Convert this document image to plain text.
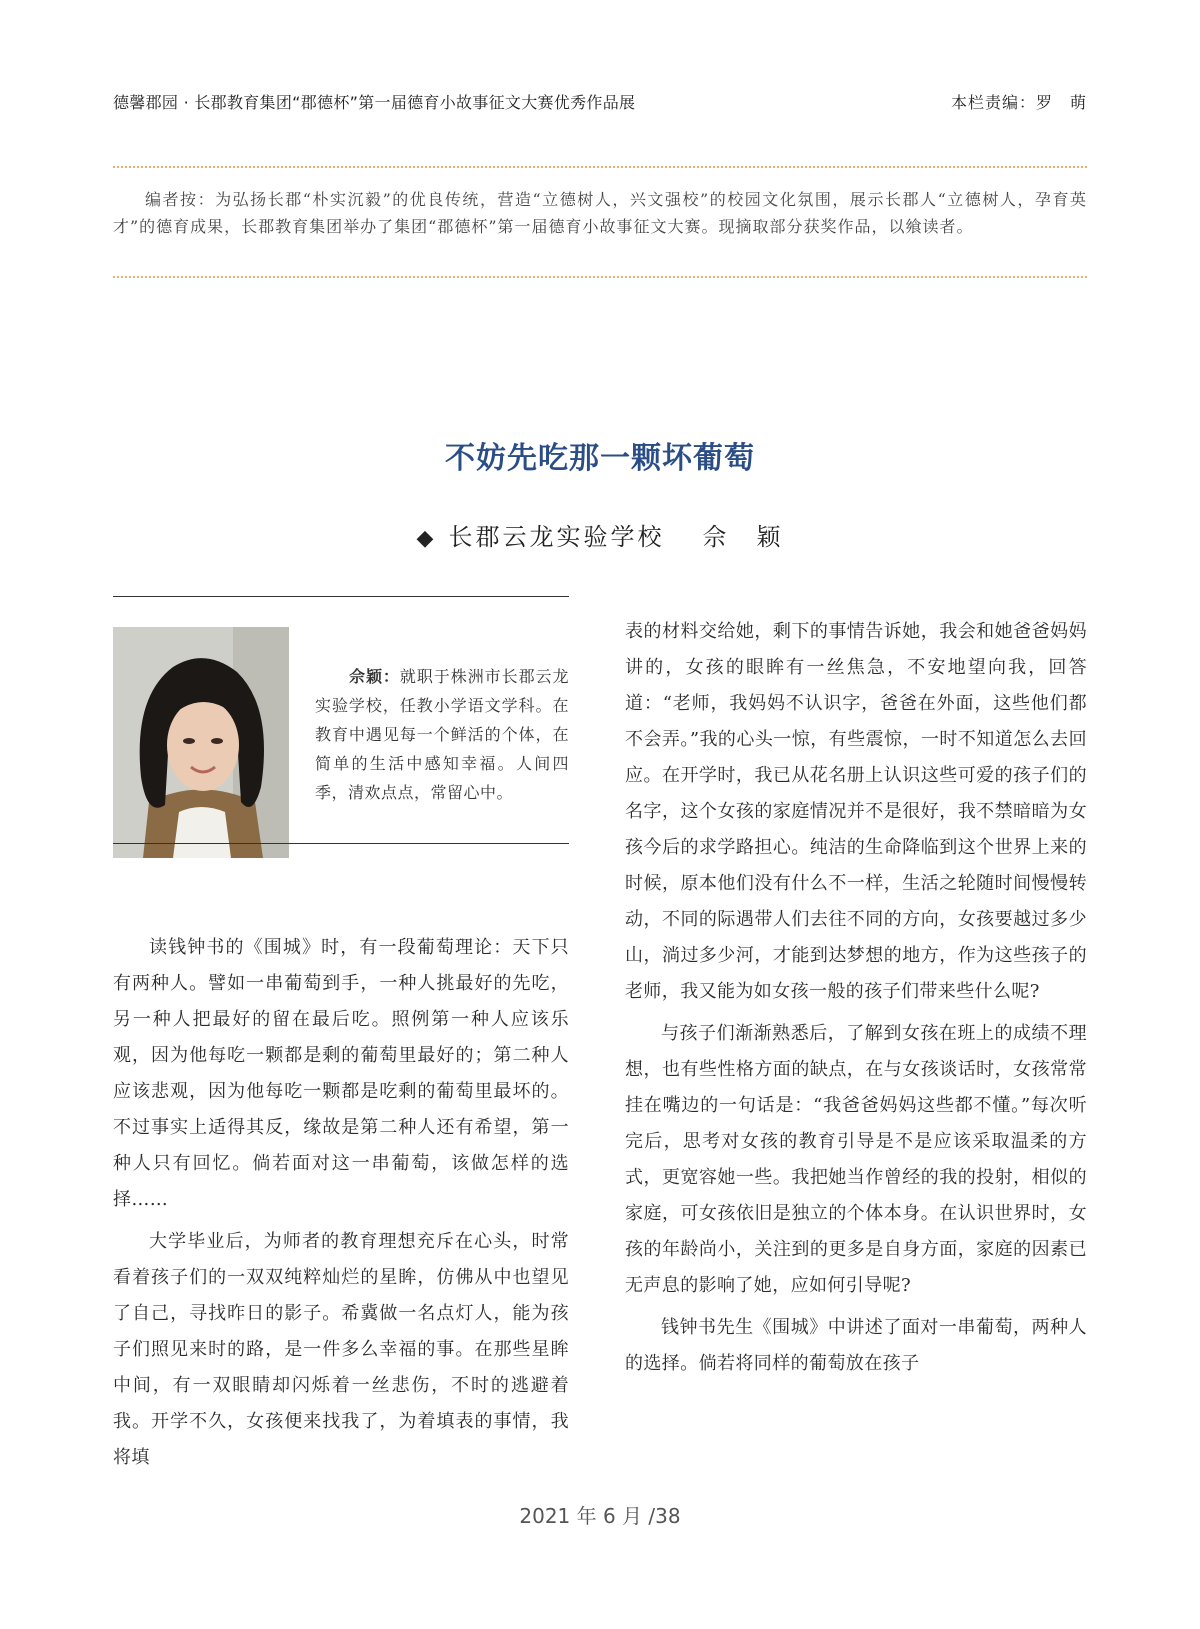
德馨郡园 · 长郡教育集团“郡德杯”第一届德育小故事征文大赛优秀作品展	本栏责编：罗　萌
编者按：为弘扬长郡“朴实沉毅”的优良传统，营造“立德树人，兴文强校”的校园文化氛围，展示长郡人“立德树人，孕育英才”的德育成果，长郡教育集团举办了集团“郡德杯”第一届德育小故事征文大赛。现摘取部分获奖作品，以飨读者。
不妨先吃那一颗坏葡萄
◆ 长郡云龙实验学校 佘　颖
佘颖：就职于株洲市长郡云龙实验学校，任教小学语文学科。在教育中遇见每一个鲜活的个体，在简单的生活中感知幸福。人间四季，清欢点点，常留心中。

读钱钟书的《围城》时，有一段葡萄理论：天下只有两种人。譬如一串葡萄到手，一种人挑最好的先吃，另一种人把最好的留在最后吃。照例第一种人应该乐观，因为他每吃一颗都是剩的葡萄里最好的；第二种人应该悲观，因为他每吃一颗都是吃剩的葡萄里最坏的。不过事实上适得其反，缘故是第二种人还有希望，第一种人只有回忆。倘若面对这一串葡萄，该做怎样的选择……

大学毕业后，为师者的教育理想充斥在心头，时常看着孩子们的一双双纯粹灿烂的星眸，仿佛从中也望见了自己，寻找昨日的影子。希冀做一名点灯人，能为孩子们照见来时的路，是一件多么幸福的事。在那些星眸中间，有一双眼睛却闪烁着一丝悲伤，不时的逃避着我。开学不久，女孩便来找我了，为着填表的事情，我将填

表的材料交给她，剩下的事情告诉她，我会和她爸爸妈妈讲的，女孩的眼眸有一丝焦急，不安地望向我，回答道：“老师，我妈妈不认识字，爸爸在外面，这些他们都不会弄。”我的心头一惊，有些震惊，一时不知道怎么去回应。在开学时，我已从花名册上认识这些可爱的孩子们的名字，这个女孩的家庭情况并不是很好，我不禁暗暗为女孩今后的求学路担心。纯洁的生命降临到这个世界上来的时候，原本他们没有什么不一样，生活之轮随时间慢慢转动，不同的际遇带人们去往不同的方向，女孩要越过多少山，淌过多少河，才能到达梦想的地方，作为这些孩子的老师，我又能为如女孩一般的孩子们带来些什么呢?

与孩子们渐渐熟悉后，了解到女孩在班上的成绩不理想，也有些性格方面的缺点，在与女孩谈话时，女孩常常挂在嘴边的一句话是：“我爸爸妈妈这些都不懂。”每次听完后，思考对女孩的教育引导是不是应该采取温柔的方式，更宽容她一些。我把她当作曾经的我的投射，相似的家庭，可女孩依旧是独立的个体本身。在认识世界时，女孩的年龄尚小，关注到的更多是自身方面，家庭的因素已无声息的影响了她，应如何引导呢?

钱钟书先生《围城》中讲述了面对一串葡萄，两种人的选择。倘若将同样的葡萄放在孩子

2021 年 6 月 /38
